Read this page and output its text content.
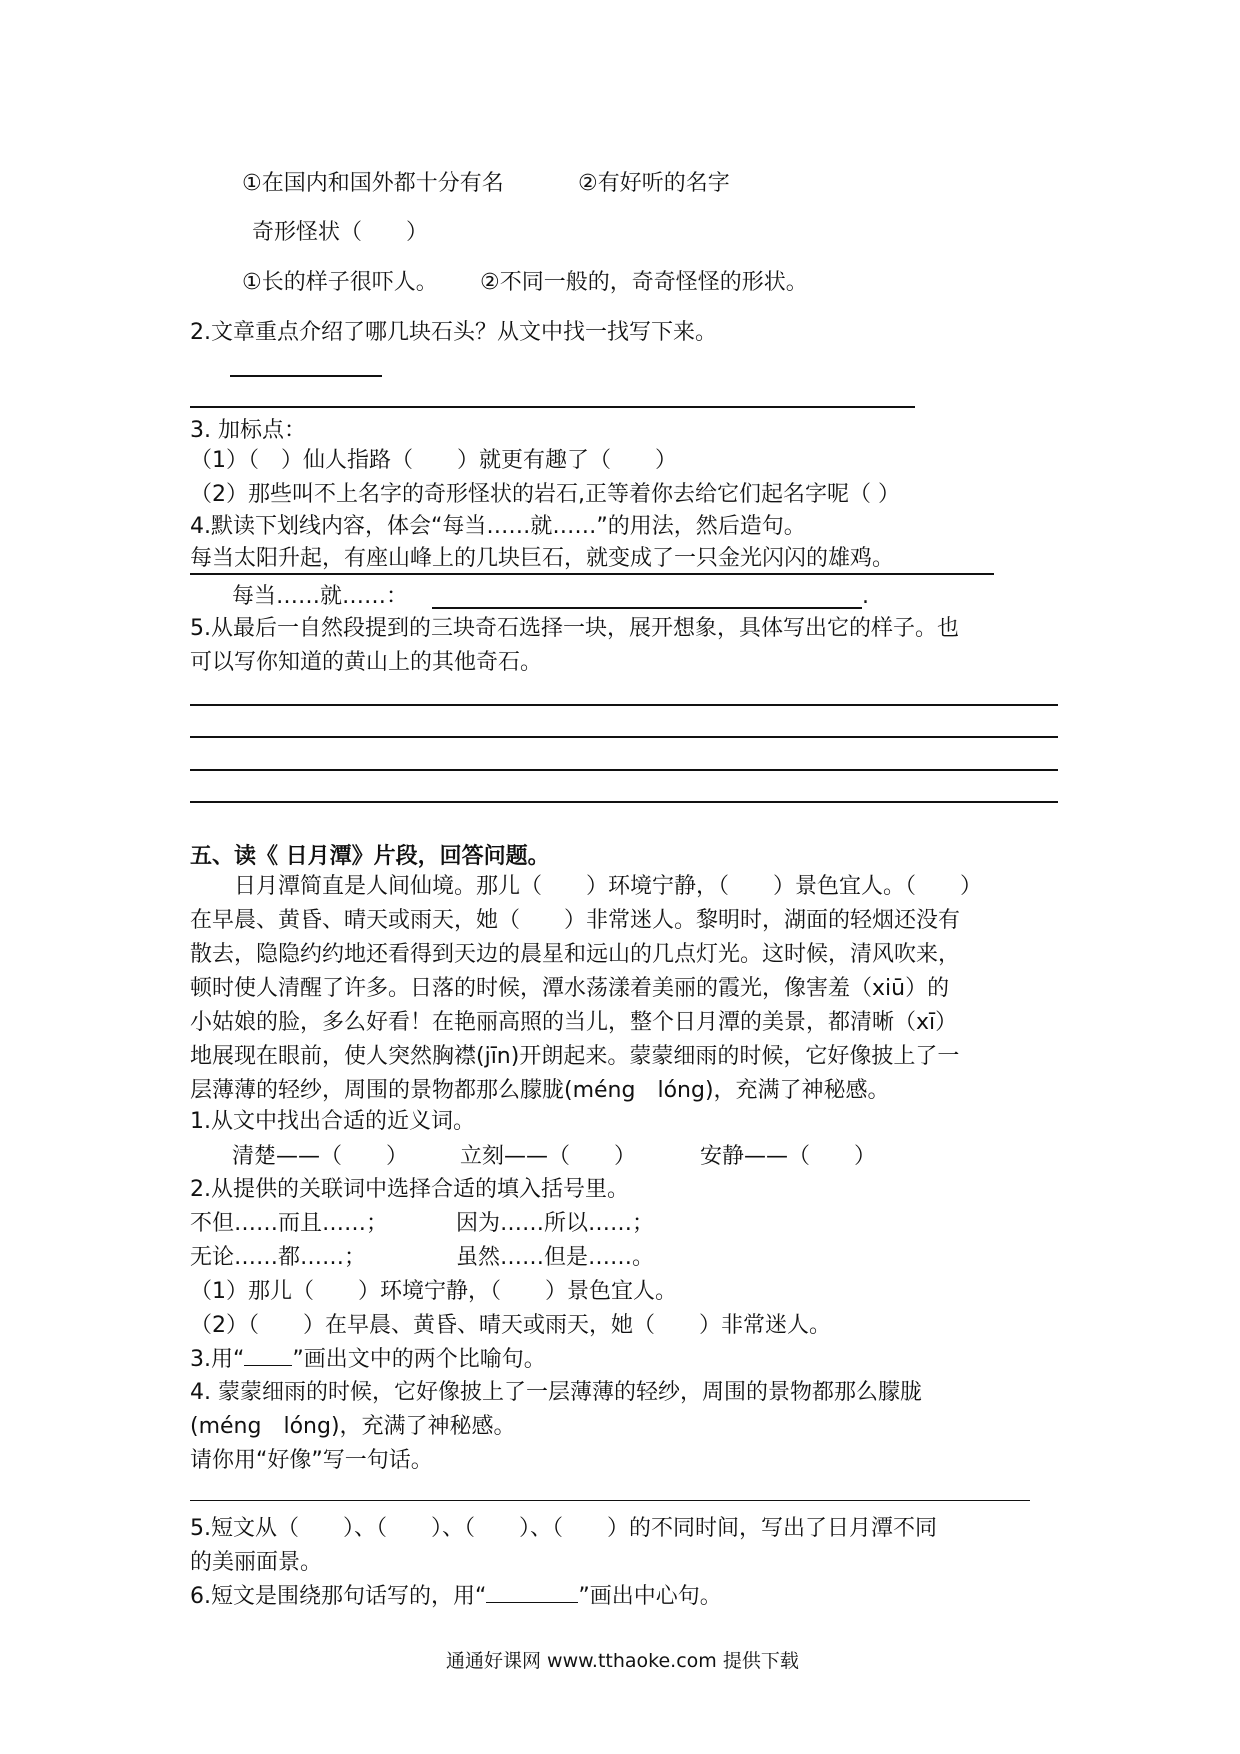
①在国内和国外都十分有名	②有好听的名字
奇形怪状（　　）
①长的样子很吓人。 ②不同一般的，奇奇怪怪的形状。
2.文章重点介绍了哪几块石头？从文中找一找写下来。
3. 加标点：
（1）（　）仙人指路（　　）就更有趣了（　　）
（2）那些叫不上名字的奇形怪状的岩石,正等着你去给它们起名字呢（ ）
4.默读下划线内容，体会“每当……就……”的用法，然后造句。
每当太阳升起，有座山峰上的几块巨石，就变成了一只金光闪闪的雄鸡。
每当……就……：	.
5.从最后一自然段提到的三块奇石选择一块，展开想象，具体写出它的样子。也
可以写你知道的黄山上的其他奇石。
五、读《 日月潭》片段，回答问题。
　　日月潭简直是人间仙境。那儿（　　）环境宁静，（　　）景色宜人。（　　）
在早晨、黄昏、晴天或雨天，她（　　）非常迷人。黎明时，湖面的轻烟还没有
散去，隐隐约约地还看得到天边的晨星和远山的几点灯光。这时候，清风吹来，
顿时使人清醒了许多。日落的时候，潭水荡漾着美丽的霞光，像害羞（xiū）的
小姑娘的脸，多么好看！在艳丽高照的当儿，整个日月潭的美景，都清晰（xī）
地展现在眼前，使人突然胸襟(jīn)开朗起来。蒙蒙细雨的时候，它好像披上了一
层薄薄的轻纱，周围的景物都那么朦胧(méng　lóng)，充满了神秘感。
1.从文中找出合适的近义词。
清楚——（　　） 立刻——（　　）	安静——（　　）
2.从提供的关联词中选择合适的填入括号里。
不但……而且……；	因为……所以……；
无论……都……；	虽然……但是……。
（1）那儿（　　）环境宁静，（　　）景色宜人。
（2）（　　）在早晨、黄昏、晴天或雨天，她（　　）非常迷人。
3.用“ ”画出文中的两个比喻句。
4. 蒙蒙细雨的时候，它好像披上了一层薄薄的轻纱，周围的景物都那么朦胧
(méng　lóng)，充满了神秘感。
请你用“好像”写一句话。
5.短文从（　　）、（　　）、（　　）、（　　）的不同时间，写出了日月潭不同
的美丽面景。
6.短文是围绕那句话写的，用“	”画出中心句。
通通好课网 www.tthaoke.com 提供下载
